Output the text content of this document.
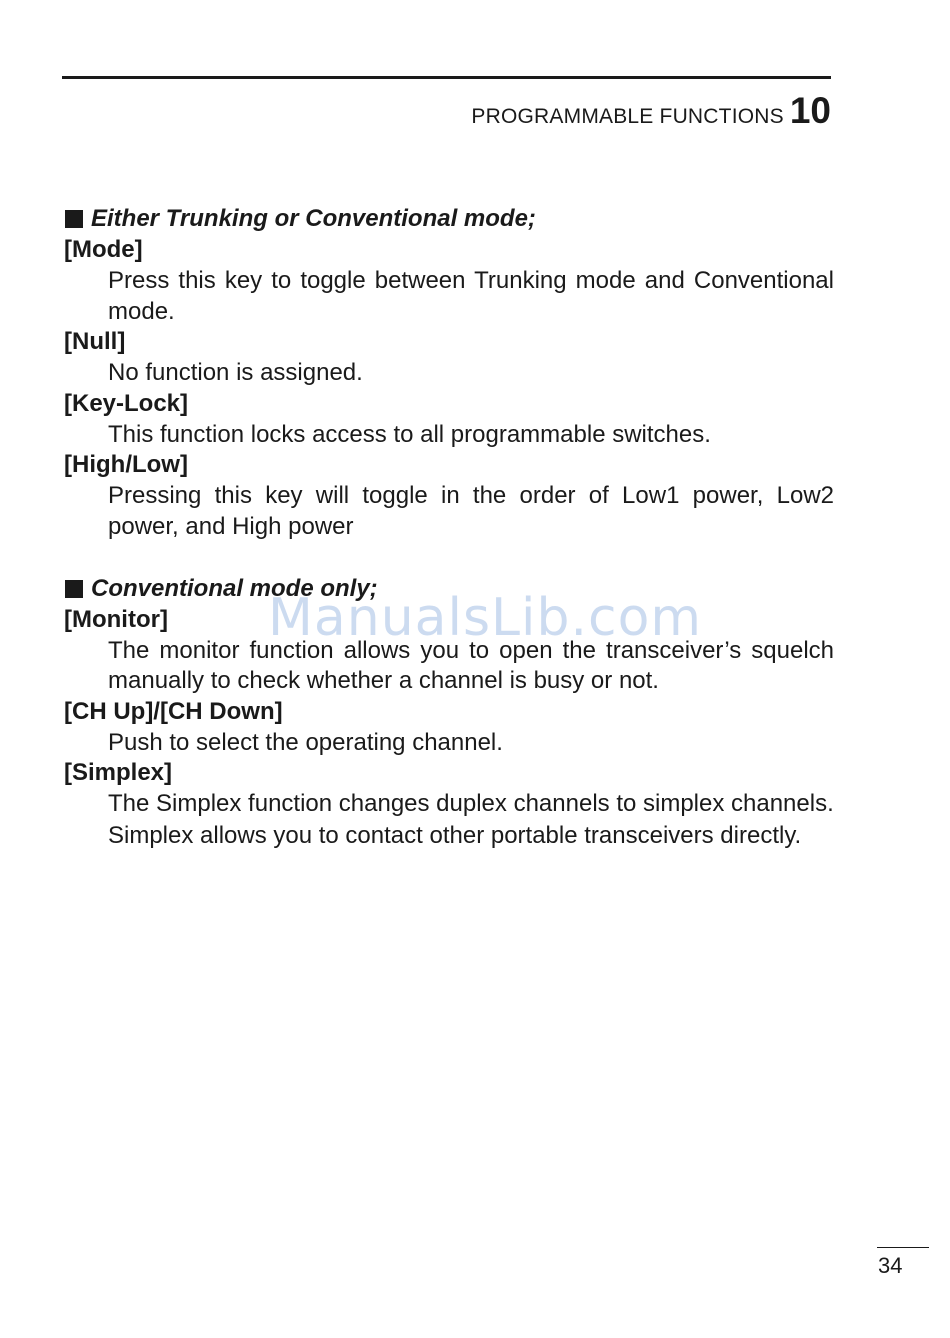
PROGRAMMABLE FUNCTIONS 10
Either Trunking or Conventional mode;
[Mode]
Press this key to toggle between Trunking mode and Conventional mode.
[Null]
No function is assigned.
[Key-Lock]
This function locks access to all programmable switches.
[High/Low]
Pressing this key will toggle in the order of Low1 power, Low2 power, and High power
Conventional mode only;
[Monitor]
The monitor function allows you to open the transceiver’s squelch manually to check whether a channel is busy or not.
[CH Up]/[CH Down]
Push to select the operating channel.
[Simplex]
The Simplex function changes duplex channels to simplex channels.
Simplex allows you to contact other portable transceivers directly.
ManualsLib.com
34
